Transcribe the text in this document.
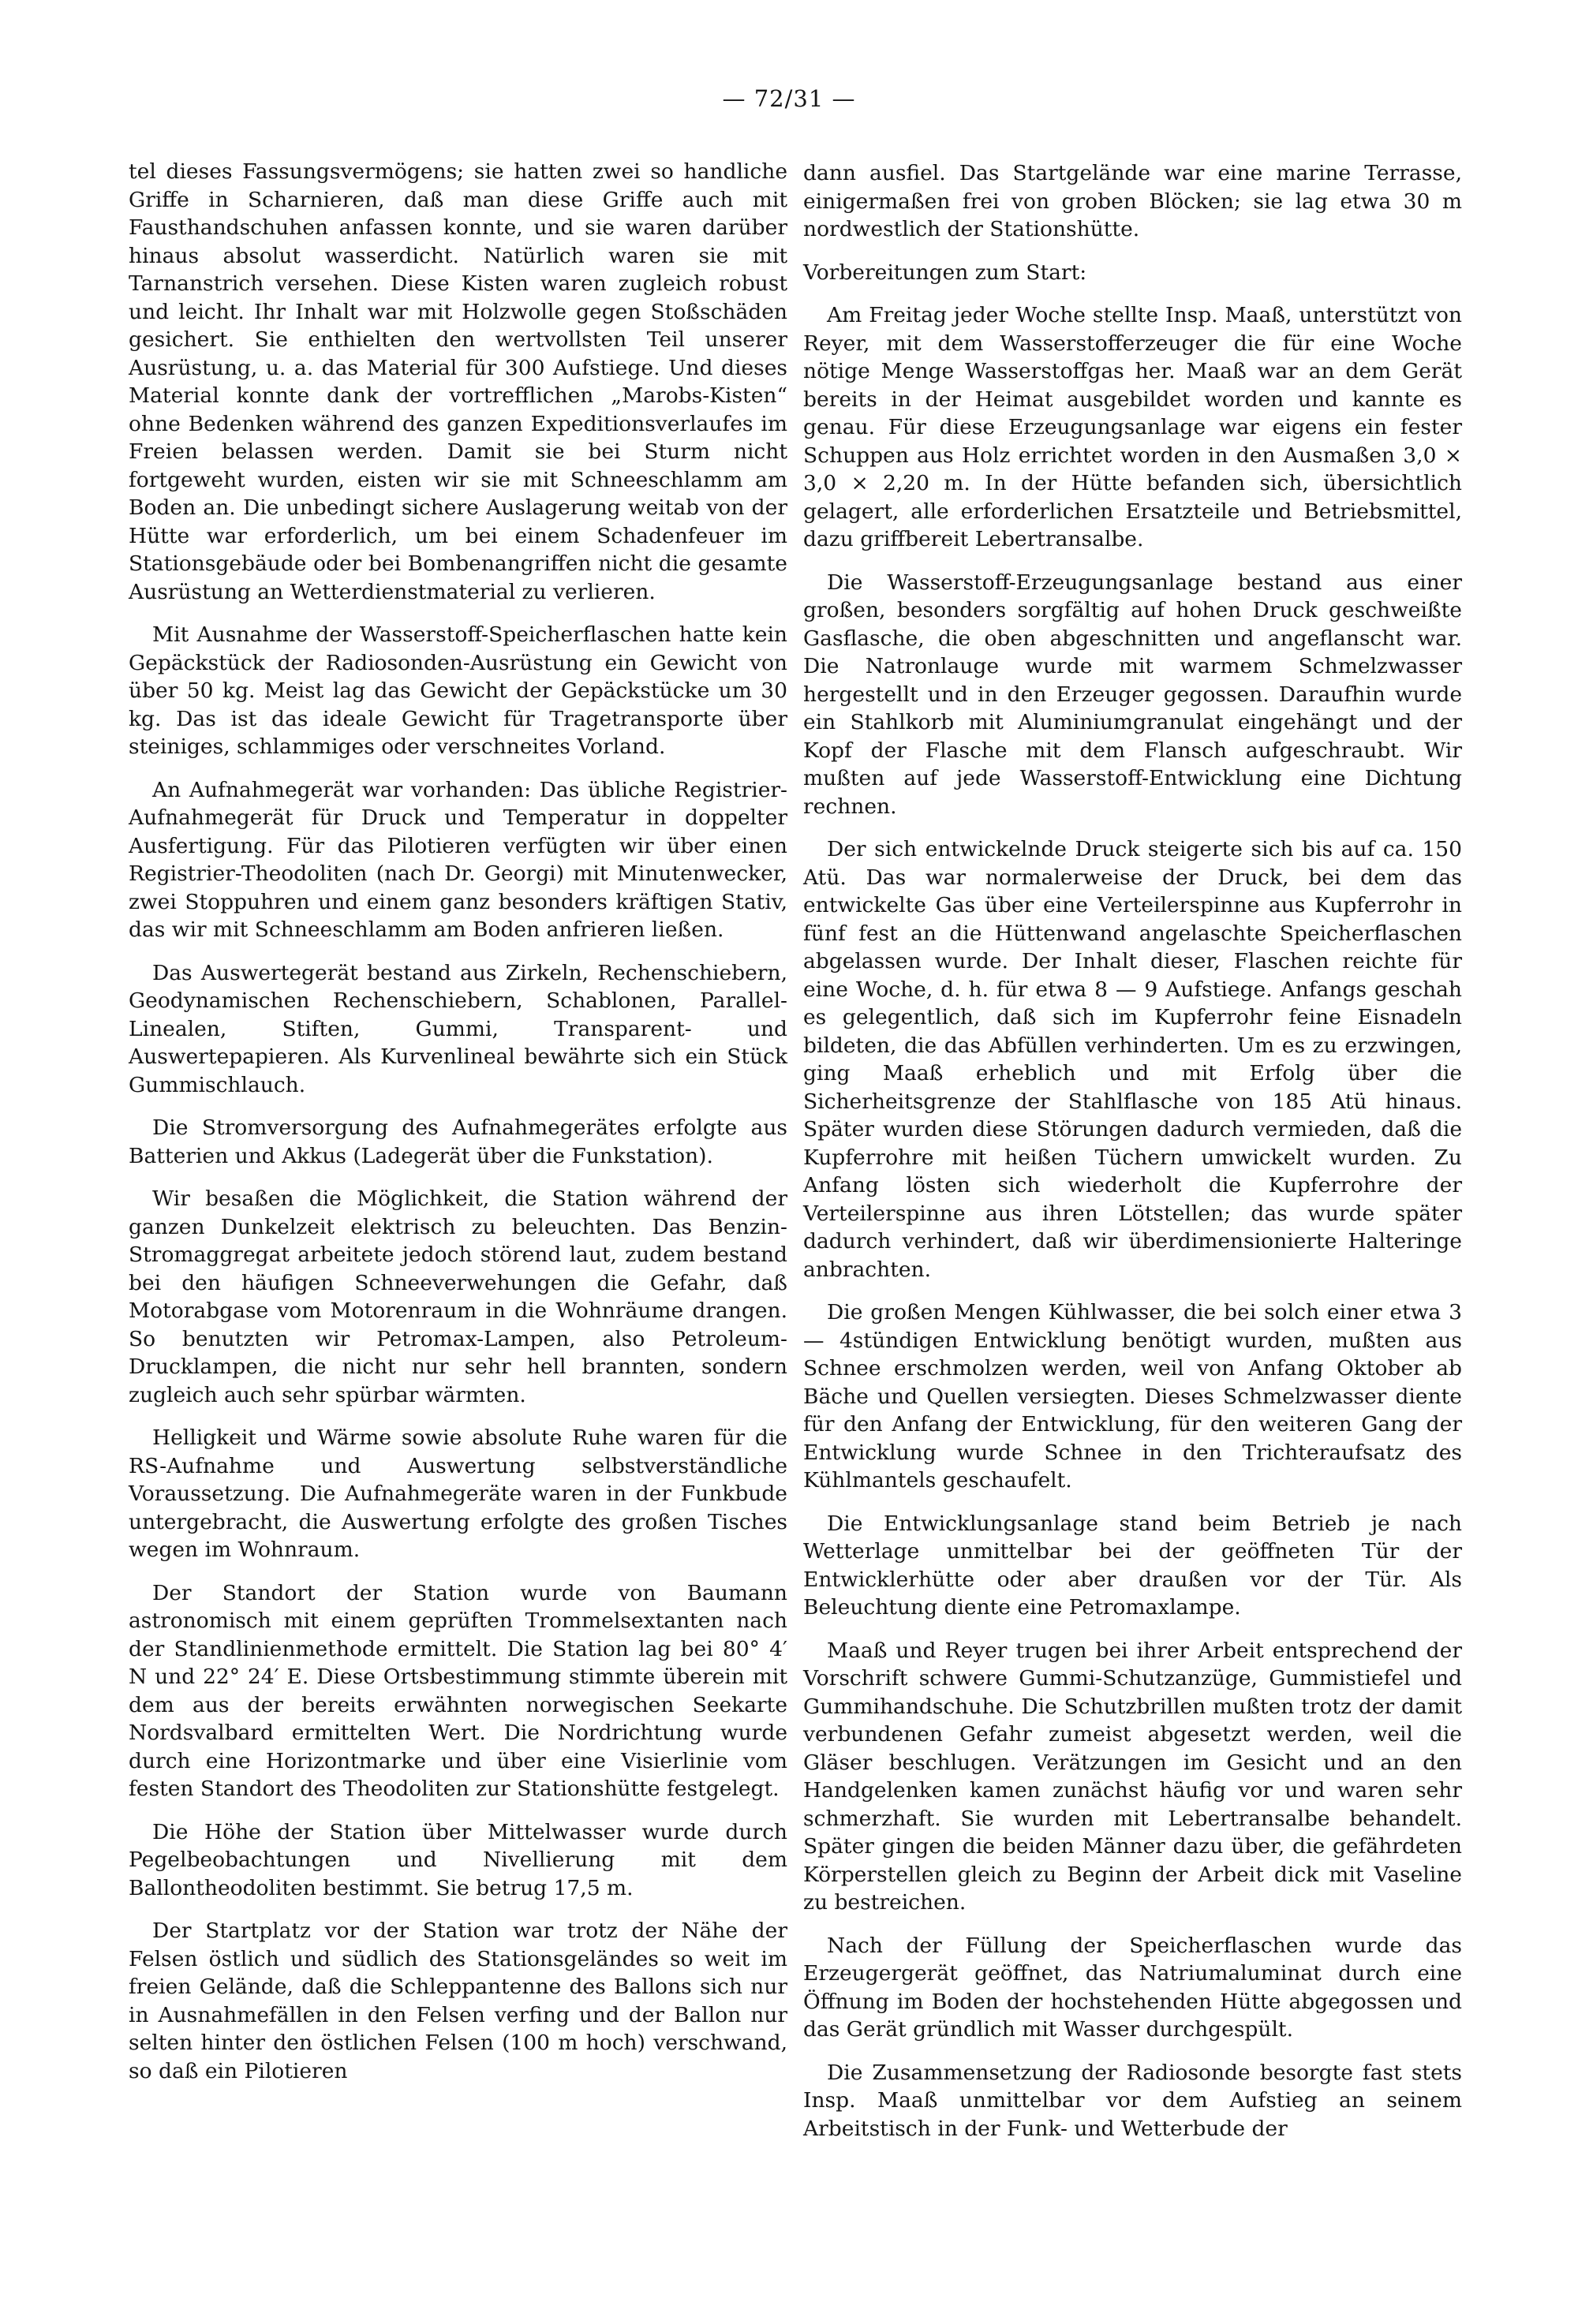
— 72/31 —

tel dieses Fassungsvermögens; sie hatten zwei so handliche Griffe in Scharnieren, daß man diese Griffe auch mit Fausthandschuhen anfassen konnte, und sie waren darüber hinaus absolut wasserdicht. Natürlich waren sie mit Tarnanstrich versehen. Diese Kisten waren zugleich robust und leicht. Ihr Inhalt war mit Holzwolle gegen Stoßschäden gesichert. Sie enthielten den wertvollsten Teil unserer Ausrüstung, u. a. das Material für 300 Aufstiege. Und dieses Material konnte dank der vortrefflichen „Marobs-Kisten“ ohne Bedenken während des ganzen Expeditionsverlaufes im Freien belassen werden. Damit sie bei Sturm nicht fortgeweht wurden, eisten wir sie mit Schneeschlamm am Boden an. Die unbedingt sichere Auslagerung weitab von der Hütte war erforderlich, um bei einem Schadenfeuer im Stationsgebäude oder bei Bombenangriffen nicht die gesamte Ausrüstung an Wetterdienstmaterial zu verlieren.

Mit Ausnahme der Wasserstoff-Speicherflaschen hatte kein Gepäckstück der Radiosonden-Ausrüstung ein Gewicht von über 50 kg. Meist lag das Gewicht der Gepäckstücke um 30 kg. Das ist das ideale Gewicht für Tragetransporte über steiniges, schlammiges oder verschneites Vorland.

An Aufnahmegerät war vorhanden: Das übliche Registrier-Aufnahmegerät für Druck und Temperatur in doppelter Ausfertigung. Für das Pilotieren verfügten wir über einen Registrier-Theodoliten (nach Dr. Georgi) mit Minutenwecker, zwei Stoppuhren und einem ganz besonders kräftigen Stativ, das wir mit Schneeschlamm am Boden anfrieren ließen.

Das Auswertegerät bestand aus Zirkeln, Rechenschiebern, Geodynamischen Rechenschiebern, Schablonen, Parallel-Linealen, Stiften, Gummi, Transparent- und Auswertepapieren. Als Kurvenlineal bewährte sich ein Stück Gummischlauch.

Die Stromversorgung des Aufnahmegerätes erfolgte aus Batterien und Akkus (Ladegerät über die Funkstation).

Wir besaßen die Möglichkeit, die Station während der ganzen Dunkelzeit elektrisch zu beleuchten. Das Benzin-Stromaggregat arbeitete jedoch störend laut, zudem bestand bei den häufigen Schneeverwehungen die Gefahr, daß Motorabgase vom Motorenraum in die Wohnräume drangen. So benutzten wir Petromax-Lampen, also Petroleum-Drucklampen, die nicht nur sehr hell brannten, sondern zugleich auch sehr spürbar wärmten.

Helligkeit und Wärme sowie absolute Ruhe waren für die RS-Aufnahme und Auswertung selbstverständliche Voraussetzung. Die Aufnahmegeräte waren in der Funkbude untergebracht, die Auswertung erfolgte des großen Tisches wegen im Wohnraum.

Der Standort der Station wurde von Baumann astronomisch mit einem geprüften Trommelsextanten nach der Standlinienmethode ermittelt. Die Station lag bei 80° 4′ N und 22° 24′ E. Diese Ortsbestimmung stimmte überein mit dem aus der bereits erwähnten norwegischen Seekarte Nordsvalbard ermittelten Wert. Die Nordrichtung wurde durch eine Horizontmarke und über eine Visierlinie vom festen Standort des Theodoliten zur Stationshütte festgelegt.

Die Höhe der Station über Mittelwasser wurde durch Pegelbeobachtungen und Nivellierung mit dem Ballontheodoliten bestimmt. Sie betrug 17,5 m.

Der Startplatz vor der Station war trotz der Nähe der Felsen östlich und südlich des Stationsgeländes so weit im freien Gelände, daß die Schleppantenne des Ballons sich nur in Ausnahmefällen in den Felsen verfing und der Ballon nur selten hinter den östlichen Felsen (100 m hoch) verschwand, so daß ein Pilotieren

dann ausfiel. Das Startgelände war eine marine Terrasse, einigermaßen frei von groben Blöcken; sie lag etwa 30 m nordwestlich der Stationshütte.

Vorbereitungen zum Start:

Am Freitag jeder Woche stellte Insp. Maaß, unterstützt von Reyer, mit dem Wasserstofferzeuger die für eine Woche nötige Menge Wasserstoffgas her. Maaß war an dem Gerät bereits in der Heimat ausgebildet worden und kannte es genau. Für diese Erzeugungsanlage war eigens ein fester Schuppen aus Holz errichtet worden in den Ausmaßen 3,0 × 3,0 × 2,20 m. In der Hütte befanden sich, übersichtlich gelagert, alle erforderlichen Ersatzteile und Betriebsmittel, dazu griffbereit Lebertransalbe.

Die Wasserstoff-Erzeugungsanlage bestand aus einer großen, besonders sorgfältig auf hohen Druck geschweißte Gasflasche, die oben abgeschnitten und angeflanscht war. Die Natronlauge wurde mit warmem Schmelzwasser hergestellt und in den Erzeuger gegossen. Daraufhin wurde ein Stahlkorb mit Aluminiumgranulat eingehängt und der Kopf der Flasche mit dem Flansch aufgeschraubt. Wir mußten auf jede Wasserstoff-Entwicklung eine Dichtung rechnen.

Der sich entwickelnde Druck steigerte sich bis auf ca. 150 Atü. Das war normalerweise der Druck, bei dem das entwickelte Gas über eine Verteilerspinne aus Kupferrohr in fünf fest an die Hüttenwand angelaschte Speicherflaschen abgelassen wurde. Der Inhalt dieser, Flaschen reichte für eine Woche, d. h. für etwa 8 — 9 Aufstiege. Anfangs geschah es gelegentlich, daß sich im Kupferrohr feine Eisnadeln bildeten, die das Abfüllen verhinderten. Um es zu erzwingen, ging Maaß erheblich und mit Erfolg über die Sicherheitsgrenze der Stahlflasche von 185 Atü hinaus. Später wurden diese Störungen dadurch vermieden, daß die Kupferrohre mit heißen Tüchern umwickelt wurden. Zu Anfang lösten sich wiederholt die Kupferrohre der Verteilerspinne aus ihren Lötstellen; das wurde später dadurch verhindert, daß wir überdimensionierte Halteringe anbrachten.

Die großen Mengen Kühlwasser, die bei solch einer etwa 3 — 4stündigen Entwicklung benötigt wurden, mußten aus Schnee erschmolzen werden, weil von Anfang Oktober ab Bäche und Quellen versiegten. Dieses Schmelzwasser diente für den Anfang der Entwicklung, für den weiteren Gang der Entwicklung wurde Schnee in den Trichteraufsatz des Kühlmantels geschaufelt.

Die Entwicklungsanlage stand beim Betrieb je nach Wetterlage unmittelbar bei der geöffneten Tür der Entwicklerhütte oder aber draußen vor der Tür. Als Beleuchtung diente eine Petromaxlampe.

Maaß und Reyer trugen bei ihrer Arbeit entsprechend der Vorschrift schwere Gummi-Schutzanzüge, Gummistiefel und Gummihandschuhe. Die Schutzbrillen mußten trotz der damit verbundenen Gefahr zumeist abgesetzt werden, weil die Gläser beschlugen. Verätzungen im Gesicht und an den Handgelenken kamen zunächst häufig vor und waren sehr schmerzhaft. Sie wurden mit Lebertransalbe behandelt. Später gingen die beiden Männer dazu über, die gefährdeten Körperstellen gleich zu Beginn der Arbeit dick mit Vaseline zu bestreichen.

Nach der Füllung der Speicherflaschen wurde das Erzeugergerät geöffnet, das Natriumaluminat durch eine Öffnung im Boden der hochstehenden Hütte abgegossen und das Gerät gründlich mit Wasser durchgespült.

Die Zusammensetzung der Radiosonde besorgte fast stets Insp. Maaß unmittelbar vor dem Aufstieg an seinem Arbeitstisch in der Funk- und Wetterbude der
